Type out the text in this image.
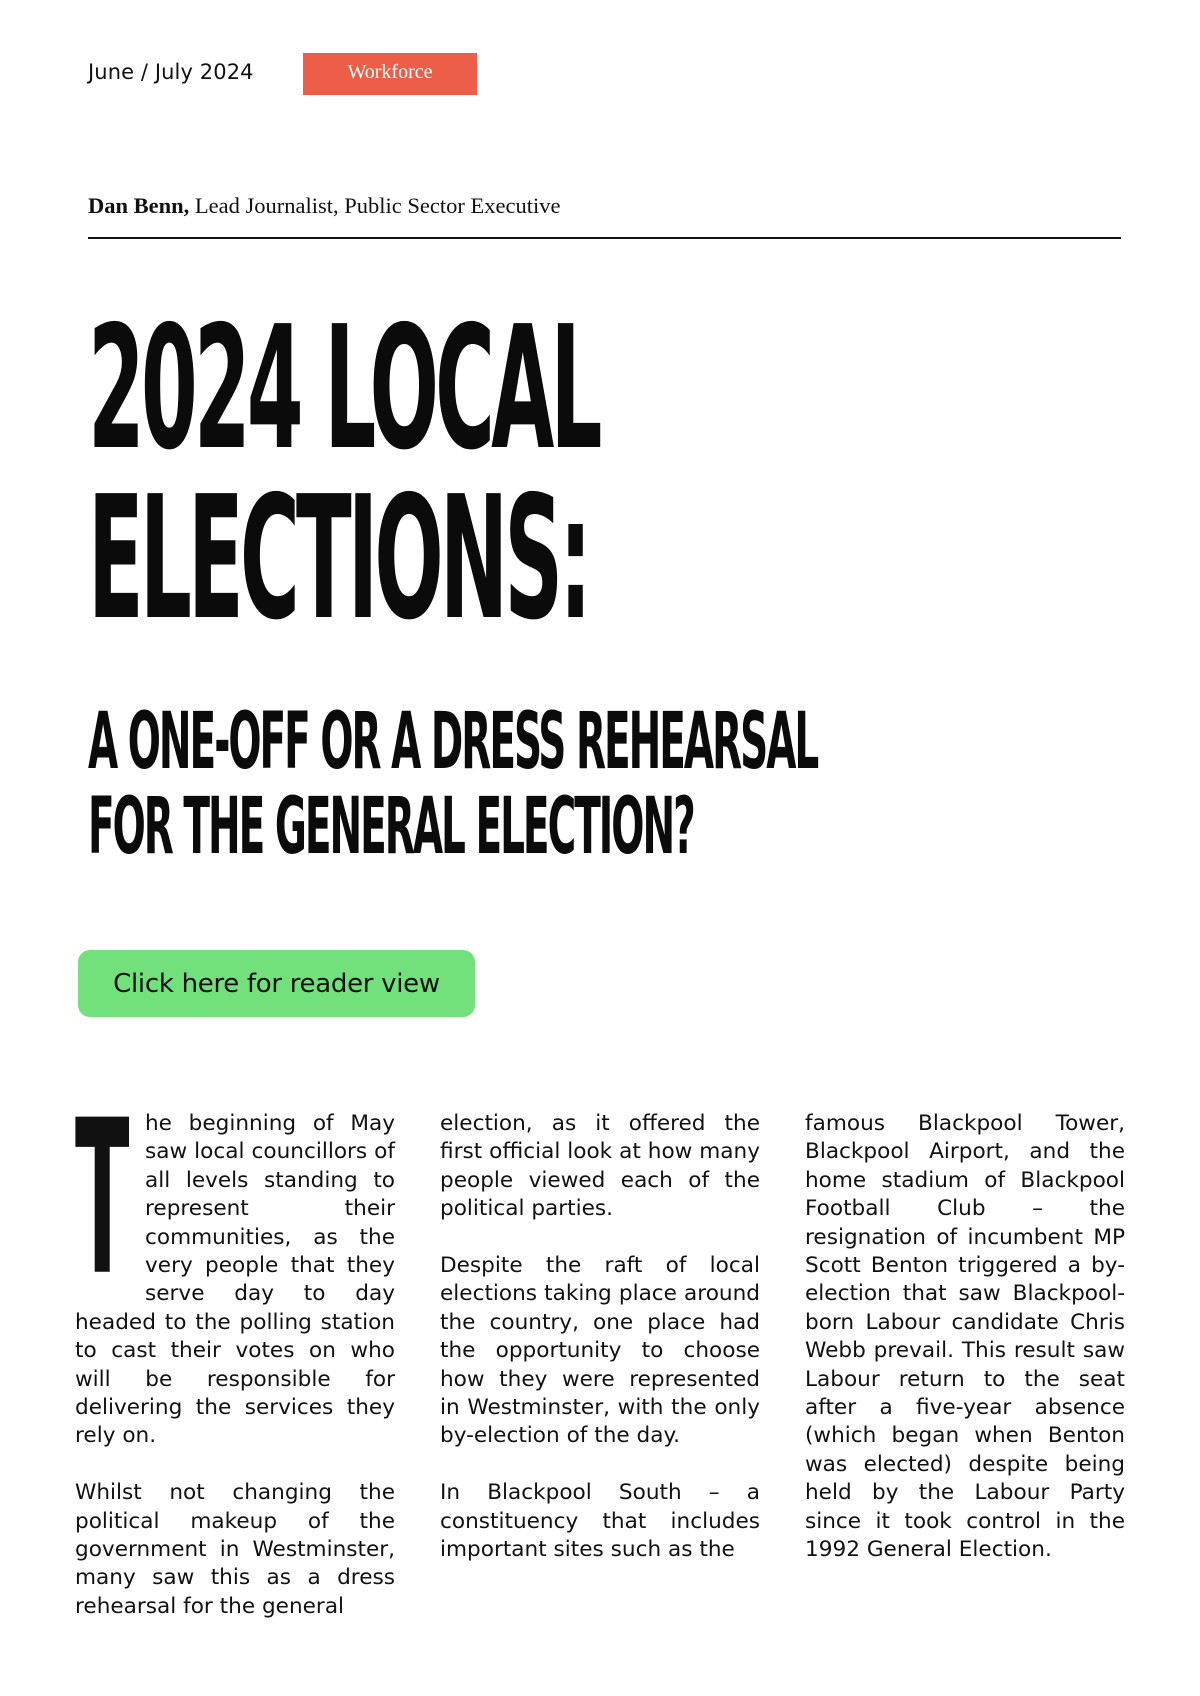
June / July 2024	Workforce
Dan Benn, Lead Journalist, Public Sector Executive
2024 LOCAL
ELECTIONS:
A ONE-OFF OR A DRESS REHEARSAL
FOR THE GENERAL ELECTION?
Click here for reader view

The beginning of May saw local councillors of all levels standing to represent their communities, as the very people that they serve day to day headed to the polling station to cast their votes on who will be responsible for delivering the services they rely on.

Whilst not changing the political makeup of the government in Westminster, many saw this as a dress rehearsal for the general

election, as it offered the first official look at how many people viewed each of the political parties.

Despite the raft of local elections taking place around the country, one place had the opportunity to choose how they were represented in Westminster, with the only by-election of the day.

In Blackpool South – a constituency that includes important sites such as the

famous Blackpool Tower, Blackpool Airport, and the home stadium of Blackpool Football Club – the resignation of incumbent MP Scott Benton triggered a by-election that saw Blackpool-born Labour candidate Chris Webb prevail. This result saw Labour return to the seat after a five-year absence (which began when Benton was elected) despite being held by the Labour Party since it took control in the 1992 General Election.
